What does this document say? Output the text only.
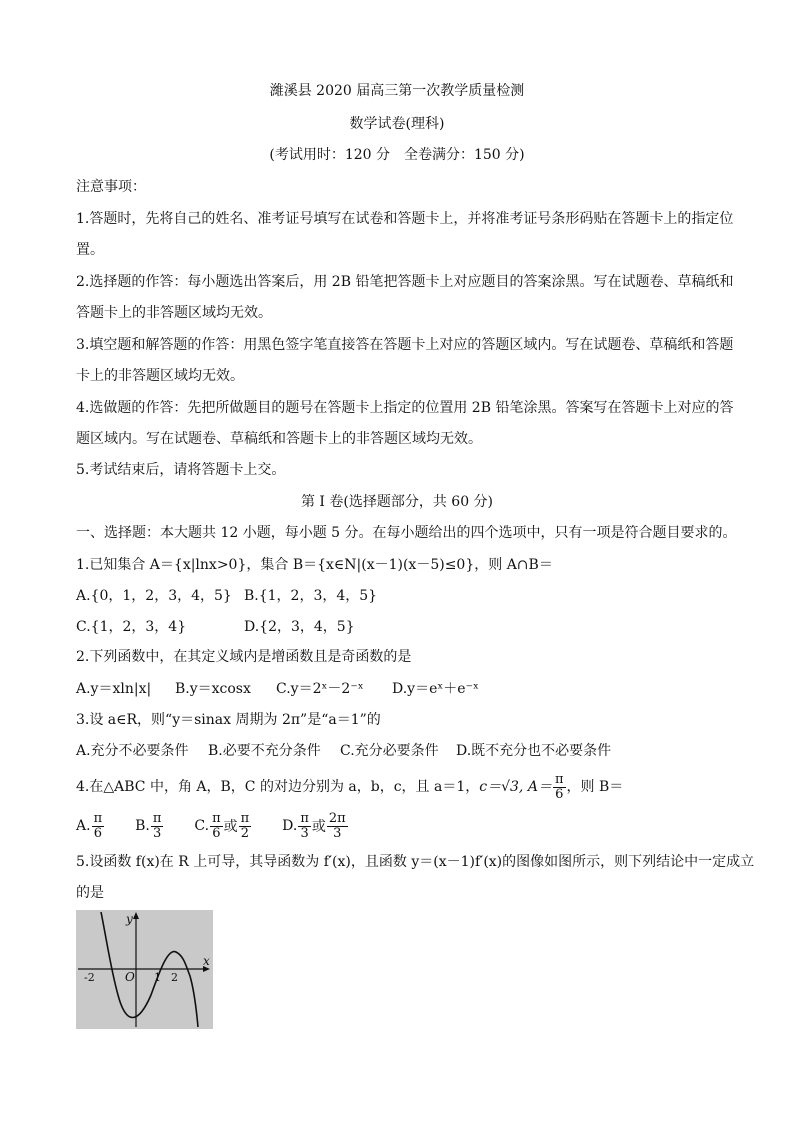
濰溪县 2020 届高三第一次教学质量检测
数学试卷(理科)
(考试用时：120 分　全卷满分：150 分)
注意事项：
1.答题时，先将自己的姓名、准考证号填写在试卷和答题卡上，并将准考证号条形码贴在答题卡上的指定位
置。
2.选择题的作答：每小题选出答案后，用 2B 铅笔把答题卡上对应题目的答案涂黑。写在试题卷、草稿纸和
答题卡上的非答题区域均无效。
3.填空题和解答题的作答：用黑色签字笔直接答在答题卡上对应的答题区域内。写在试题卷、草稿纸和答题
卡上的非答题区域均无效。
4.选做题的作答：先把所做题目的题号在答题卡上指定的位置用 2B 铅笔涂黑。答案写在答题卡上对应的答
题区域内。写在试题卷、草稿纸和答题卡上的非答题区域均无效。
5.考试结束后，请将答题卡上交。
第 I 卷(选择题部分，共 60 分)
一、选择题：本大题共 12 小题，每小题 5 分。在每小题给出的四个选项中，只有一项是符合题目要求的。
1.已知集合 A＝{x|lnx>0}，集合 B＝{x∈N|(x－1)(x－5)≤0}，则 A∩B＝
A.{0，1，2，3，4，5} B.{1，2，3，4，5}
C.{1，2，3，4}	D.{2，3，4，5}
2.下列函数中，在其定义域内是增函数且是奇函数的是
A.y＝xln|x| B.y＝xcosx C.y＝2ˣ－2⁻ˣ D.y＝eˣ＋e⁻ˣ
3.设 a∈R，则“y＝sinax 周期为 2π”是“a＝1”的
A.充分不必要条件 B.必要不充分条件 C.充分必要条件 D.既不充分也不必要条件
4.在△ABC 中，角 A，B，C 的对边分别为 a，b，c，且 a＝1， c＝√3, $A= \frac{\pi}{6}$ ，则 B＝
A. $\frac{\pi}{6} B$. $\frac{\pi}{3} C$. $\frac{\pi}{6}$ 或 $\frac{\pi}{2} D$. $\frac{\pi}{3}$ 或 $\frac{2\pi}{3}$
5.设函数 f(x)在 R 上可导，其导函数为 f′(x)，且函数 y＝(x－1)f′(x)的图像如图所示，则下列结论中一定成立
的是
y
x
O
-2	1 2
